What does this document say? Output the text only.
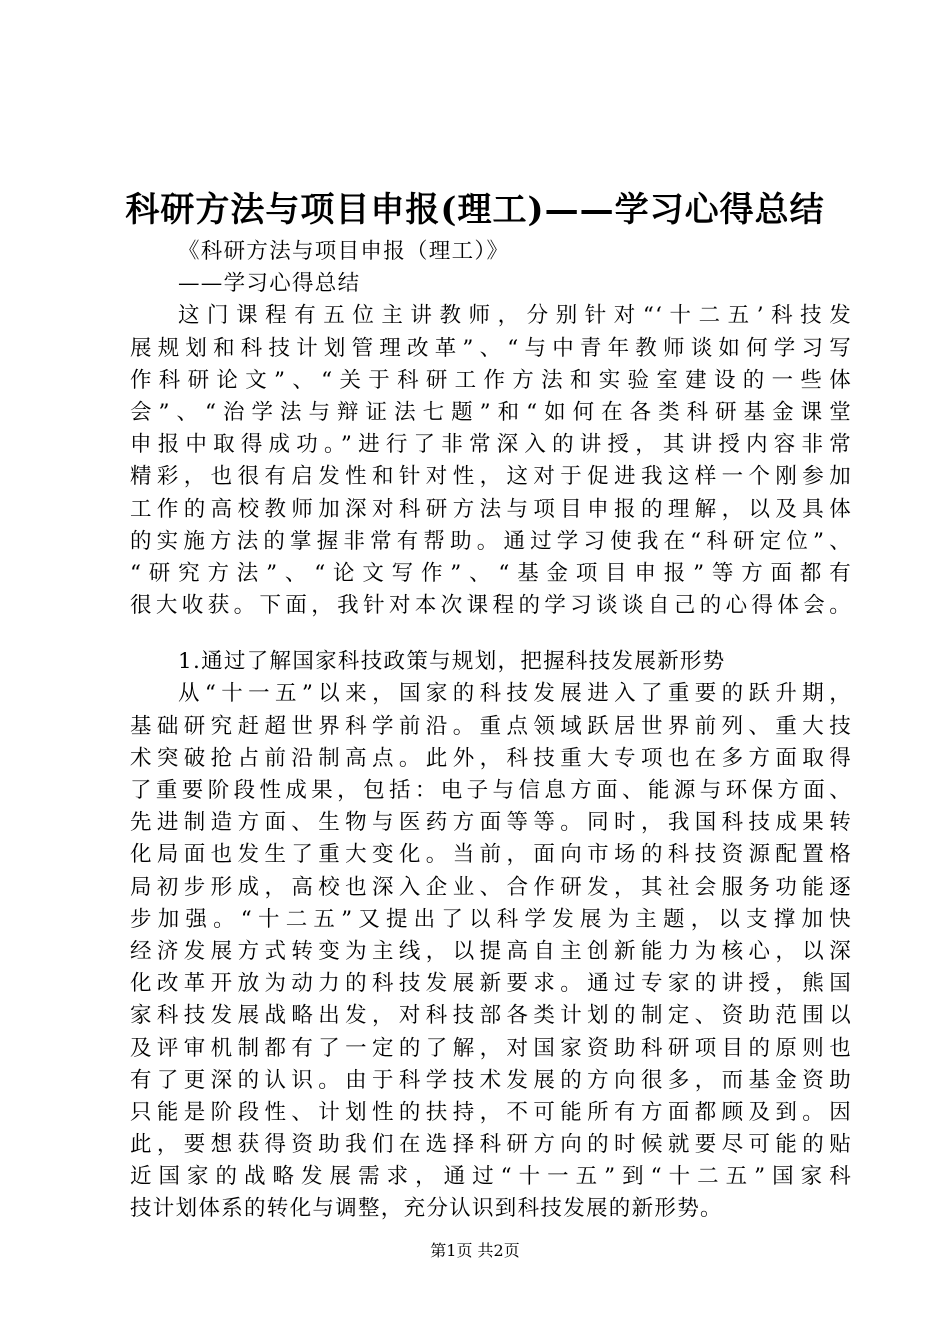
科研方法与项目申报(理工)——学习心得总结
《科研方法与项目申报（理工）》
——学习心得总结
这门课程有五位主讲教师，分别针对“‘十二五’科技发
展规划和科技计划管理改革”、“与中青年教师谈如何学习写
作科研论文”、“关于科研工作方法和实验室建设的一些体
会”、“治学法与辩证法七题”和“如何在各类科研基金课堂
申报中取得成功。”进行了非常深入的讲授，其讲授内容非常
精彩，也很有启发性和针对性，这对于促进我这样一个刚参加
工作的高校教师加深对科研方法与项目申报的理解，以及具体
的实施方法的掌握非常有帮助。通过学习使我在“科研定位”、
“研究方法”、“论文写作”、“基金项目申报”等方面都有
很大收获。下面，我针对本次课程的学习谈谈自己的心得体会。
1.通过了解国家科技政策与规划，把握科技发展新形势
从“十一五”以来，国家的科技发展进入了重要的跃升期，
基础研究赶超世界科学前沿。重点领域跃居世界前列、重大技
术突破抢占前沿制高点。此外，科技重大专项也在多方面取得
了重要阶段性成果，包括：电子与信息方面、能源与环保方面、
先进制造方面、生物与医药方面等等。同时，我国科技成果转
化局面也发生了重大变化。当前，面向市场的科技资源配置格
局初步形成，高校也深入企业、合作研发，其社会服务功能逐
步加强。“十二五”又提出了以科学发展为主题，以支撑加快
经济发展方式转变为主线，以提高自主创新能力为核心，以深
化改革开放为动力的科技发展新要求。通过专家的讲授，熊国
家科技发展战略出发，对科技部各类计划的制定、资助范围以
及评审机制都有了一定的了解，对国家资助科研项目的原则也
有了更深的认识。由于科学技术发展的方向很多，而基金资助
只能是阶段性、计划性的扶持，不可能所有方面都顾及到。因
此，要想获得资助我们在选择科研方向的时候就要尽可能的贴
近国家的战略发展需求，通过“十一五”到“十二五”国家科
技计划体系的转化与调整，充分认识到科技发展的新形势。
第1页 共2页
